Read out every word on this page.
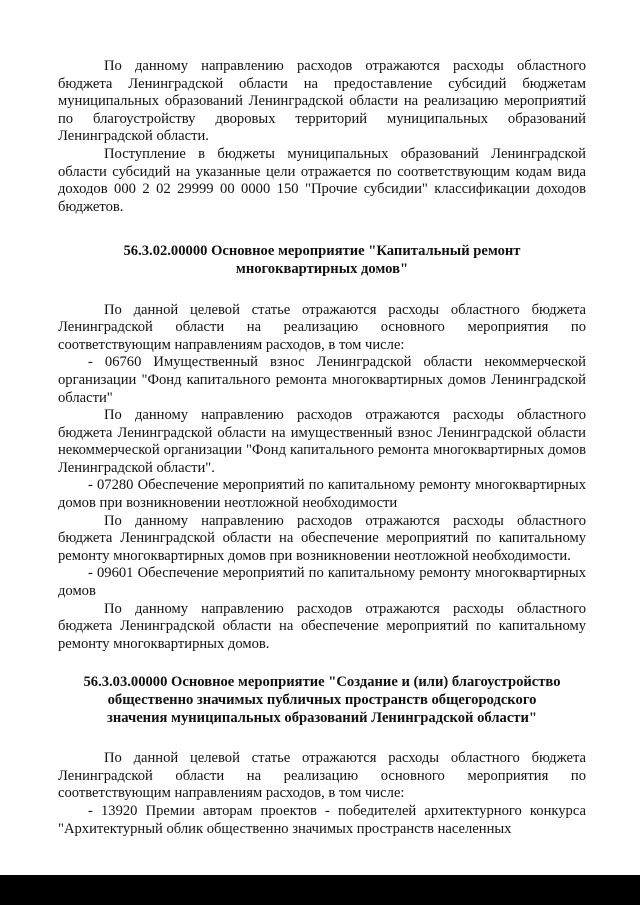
По данному направлению расходов отражаются расходы областного бюджета Ленинградской области на предоставление субсидий бюджетам муниципальных образований Ленинградской области на реализацию мероприятий по благоустройству дворовых территорий муниципальных образований Ленинградской области.

Поступление в бюджеты муниципальных образований Ленинградской области субсидий на указанные цели отражается по соответствующим кодам вида доходов 000 2 02 29999 00 0000 150 "Прочие субсидии" классификации доходов бюджетов.

56.3.02.00000 Основное мероприятие "Капитальный ремонт многоквартирных домов"

По данной целевой статье отражаются расходы областного бюджета Ленинградской области на реализацию основного мероприятия по соответствующим направлениям расходов, в том числе:

- 06760 Имущественный взнос Ленинградской области некоммерческой организации "Фонд капитального ремонта многоквартирных домов Ленинградской области"

По данному направлению расходов отражаются расходы областного бюджета Ленинградской области на имущественный взнос Ленинградской области некоммерческой организации "Фонд капитального ремонта многоквартирных домов Ленинградской области".

- 07280 Обеспечение мероприятий по капитальному ремонту многоквартирных домов при возникновении неотложной необходимости

По данному направлению расходов отражаются расходы областного бюджета Ленинградской области на обеспечение мероприятий по капитальному ремонту многоквартирных домов при возникновении неотложной необходимости.

- 09601 Обеспечение мероприятий по капитальному ремонту многоквартирных домов

По данному направлению расходов отражаются расходы областного бюджета Ленинградской области на обеспечение мероприятий по капитальному ремонту многоквартирных домов.

56.3.03.00000 Основное мероприятие "Создание и (или) благоустройство общественно значимых публичных пространств общегородского значения муниципальных образований Ленинградской области"

По данной целевой статье отражаются расходы областного бюджета Ленинградской области на реализацию основного мероприятия по соответствующим направлениям расходов, в том числе:

- 13920 Премии авторам проектов - победителей архитектурного конкурса "Архитектурный облик общественно значимых пространств населенных
